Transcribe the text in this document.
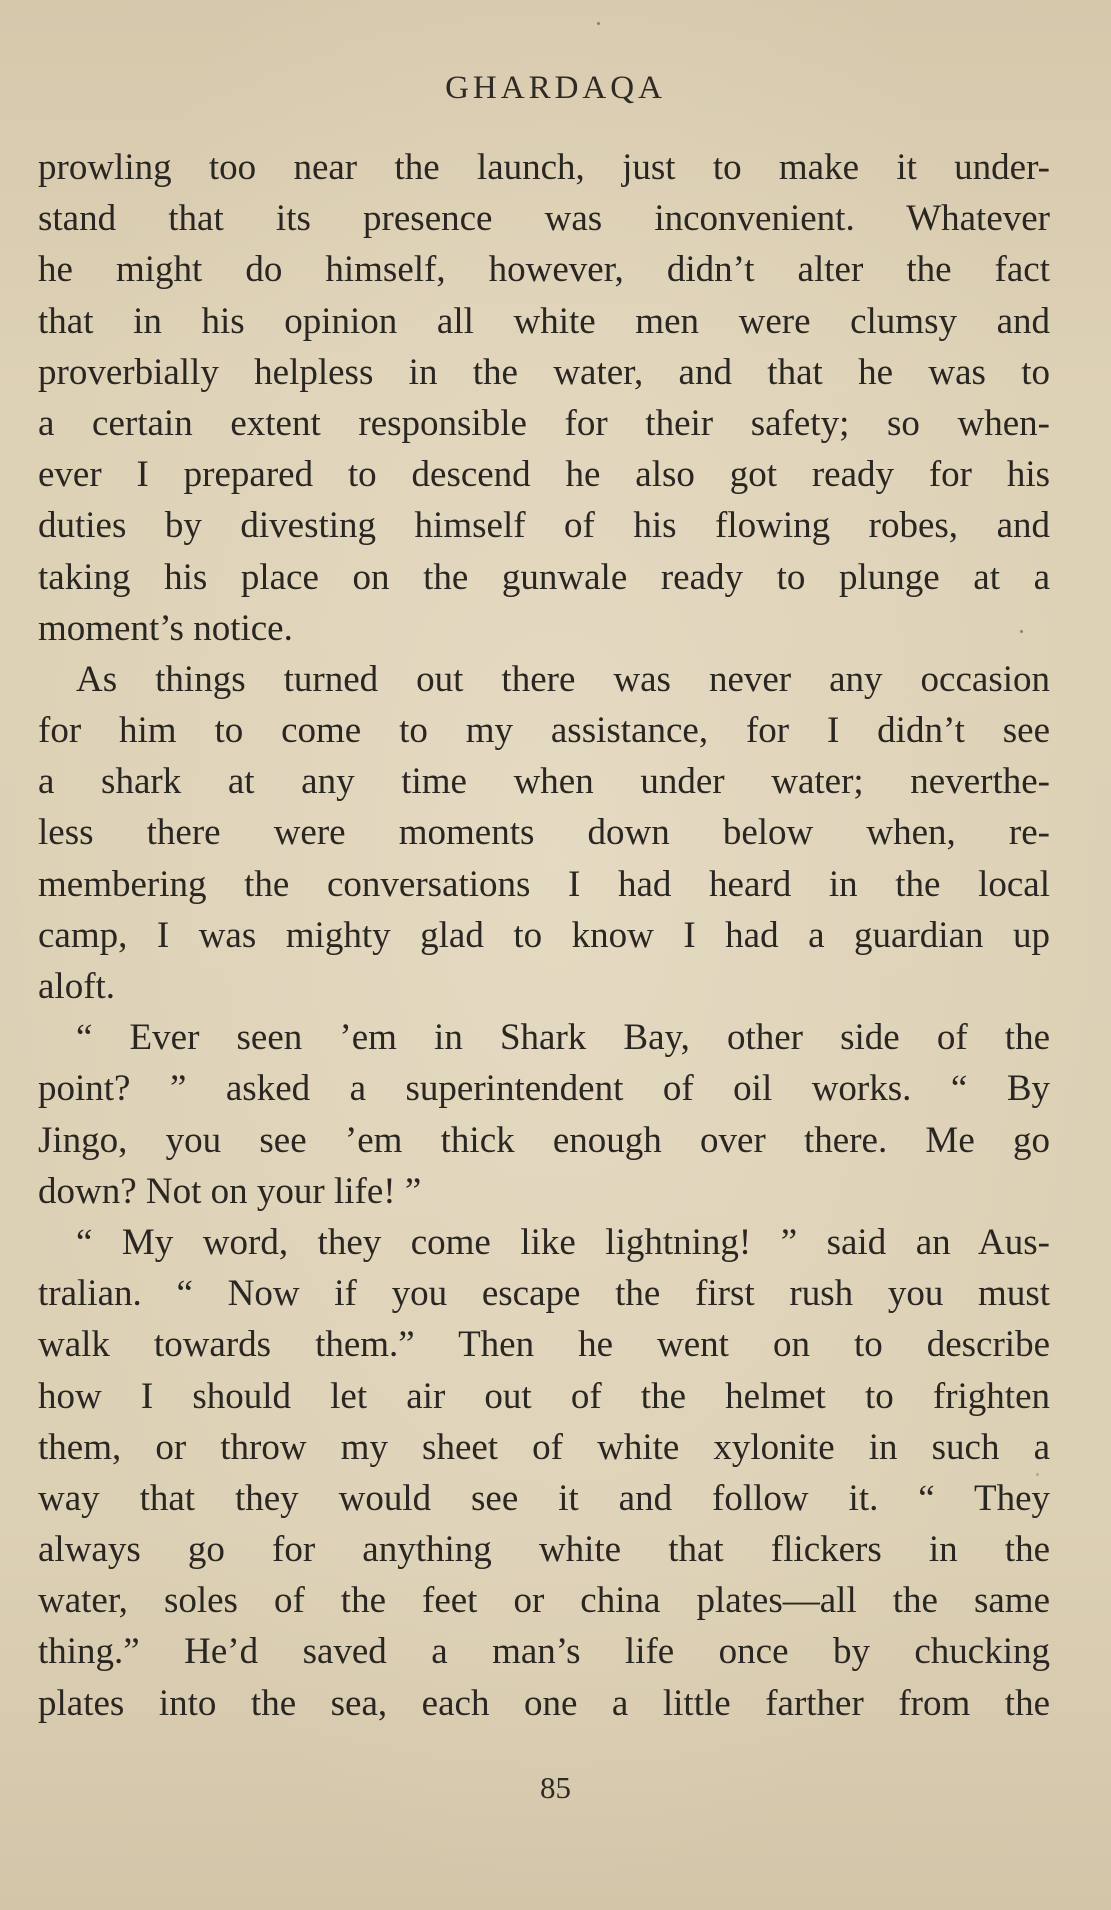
GHARDAQA
prowling too near the launch, just to make it under-
stand that its presence was inconvenient. Whatever
he might do himself, however, didn’t alter the fact
that in his opinion all white men were clumsy and
proverbially helpless in the water, and that he was to
a certain extent responsible for their safety; so when-
ever I prepared to descend he also got ready for his
duties by divesting himself of his flowing robes, and
taking his place on the gunwale ready to plunge at a
moment’s notice.
As things turned out there was never any occasion
for him to come to my assistance, for I didn’t see
a shark at any time when under water; neverthe-
less there were moments down below when, re-
membering the conversations I had heard in the local
camp, I was mighty glad to know I had a guardian up
aloft.
“ Ever seen ’em in Shark Bay, other side of the
point? ” asked a superintendent of oil works. “ By
Jingo, you see ’em thick enough over there. Me go
down? Not on your life! ”
“ My word, they come like lightning! ” said an Aus-
tralian. “ Now if you escape the first rush you must
walk towards them.” Then he went on to describe
how I should let air out of the helmet to frighten
them, or throw my sheet of white xylonite in such a
way that they would see it and follow it. “ They
always go for anything white that flickers in the
water, soles of the feet or china plates—all the same
thing.” He’d saved a man’s life once by chucking
plates into the sea, each one a little farther from the
85
